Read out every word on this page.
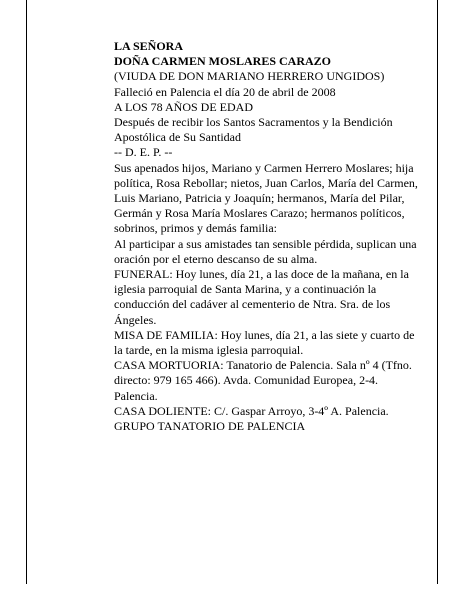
LA SEÑORA

DOÑA CARMEN MOSLARES CARAZO

(VIUDA DE DON MARIANO HERRERO UNGIDOS)

Falleció en Palencia el día 20 de abril de 2008

A LOS 78 AÑOS DE EDAD

Después de recibir los Santos Sacramentos y la Bendición Apostólica de Su Santidad

-- D. E. P. --

Sus apenados hijos, Mariano y Carmen Herrero Moslares; hija política, Rosa Rebollar; nietos, Juan Carlos, María del Carmen, Luis Mariano, Patricia y Joaquín; hermanos, María del Pilar, Germán y Rosa María Moslares Carazo; hermanos políticos, sobrinos, primos y demás familia:

Al participar a sus amistades tan sensible pérdida, suplican una oración por el eterno descanso de su alma.

FUNERAL: Hoy lunes, día 21, a las doce de la mañana, en la iglesia parroquial de Santa Marina, y a continuación la conducción del cadáver al cementerio de Ntra. Sra. de los Ángeles.

MISA DE FAMILIA: Hoy lunes, día 21, a las siete y cuarto de la tarde, en la misma iglesia parroquial.

CASA MORTUORIA: Tanatorio de Palencia. Sala nº 4 (Tfno. directo: 979 165 466). Avda. Comunidad Europea, 2-4. Palencia.

CASA DOLIENTE: C/. Gaspar Arroyo, 3-4º A. Palencia.

GRUPO TANATORIO DE PALENCIA
